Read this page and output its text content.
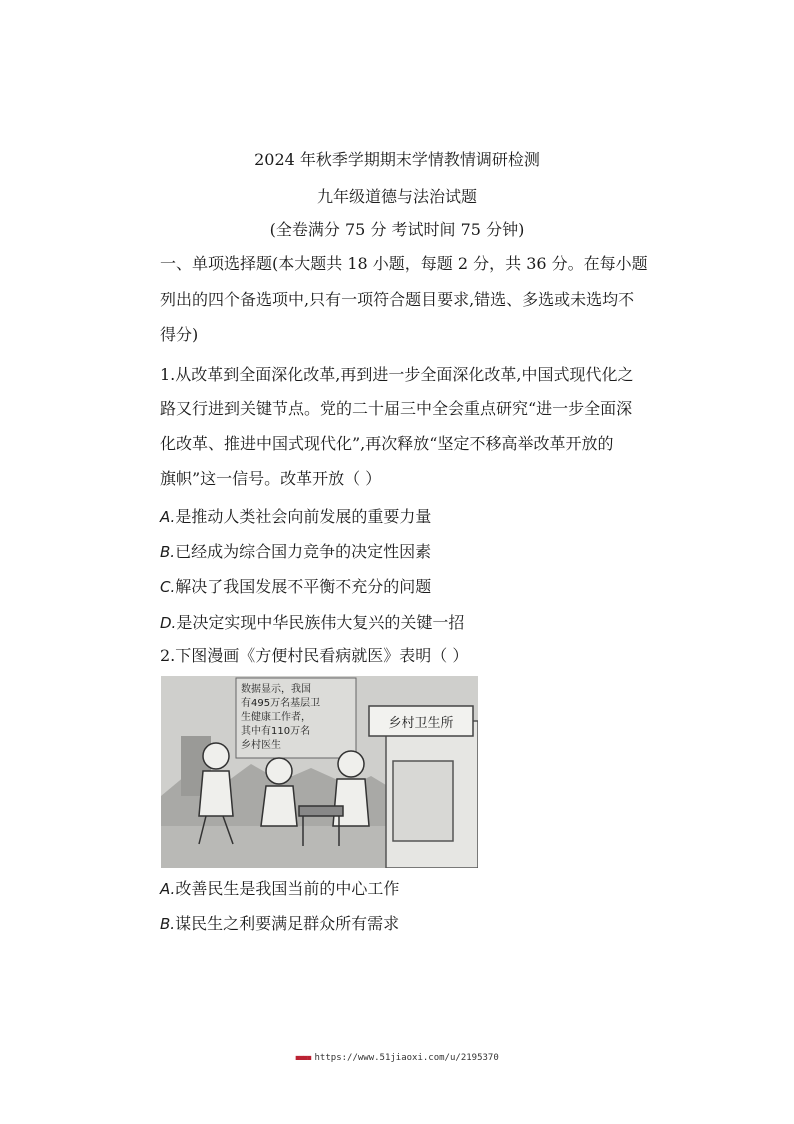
2024 年秋季学期期末学情教情调研检测
九年级道德与法治试题
(全卷满分 75 分 考试时间 75 分钟)
一、单项选择题(本大题共 18 小题，每题 2 分，共 36 分。在每小题
列出的四个备选项中,只有一项符合题目要求,错选、多选或未选均不
得分)
1.从改革到全面深化改革,再到进一步全面深化改革,中国式现代化之
路又行进到关键节点。党的二十届三中全会重点研究“进一步全面深
化改革、推进中国式现代化”,再次释放“坚定不移高举改革开放的
旗帜”这一信号。改革开放（ ）
A.是推动人类社会向前发展的重要力量
B.已经成为综合国力竞争的决定性因素
C.解决了我国发展不平衡不充分的问题
D.是决定实现中华民族伟大复兴的关键一招
2.下图漫画《方便村民看病就医》表明（ ）
乡村卫生所
数据显示，我国 有495万名基层卫 生健康工作者， 其中有110万名 乡村医生
A.改善民生是我国当前的中心工作
B.谋民生之利要满足群众所有需求
◼◼◼◼ https://www.51jiaoxi.com/u/2195370
